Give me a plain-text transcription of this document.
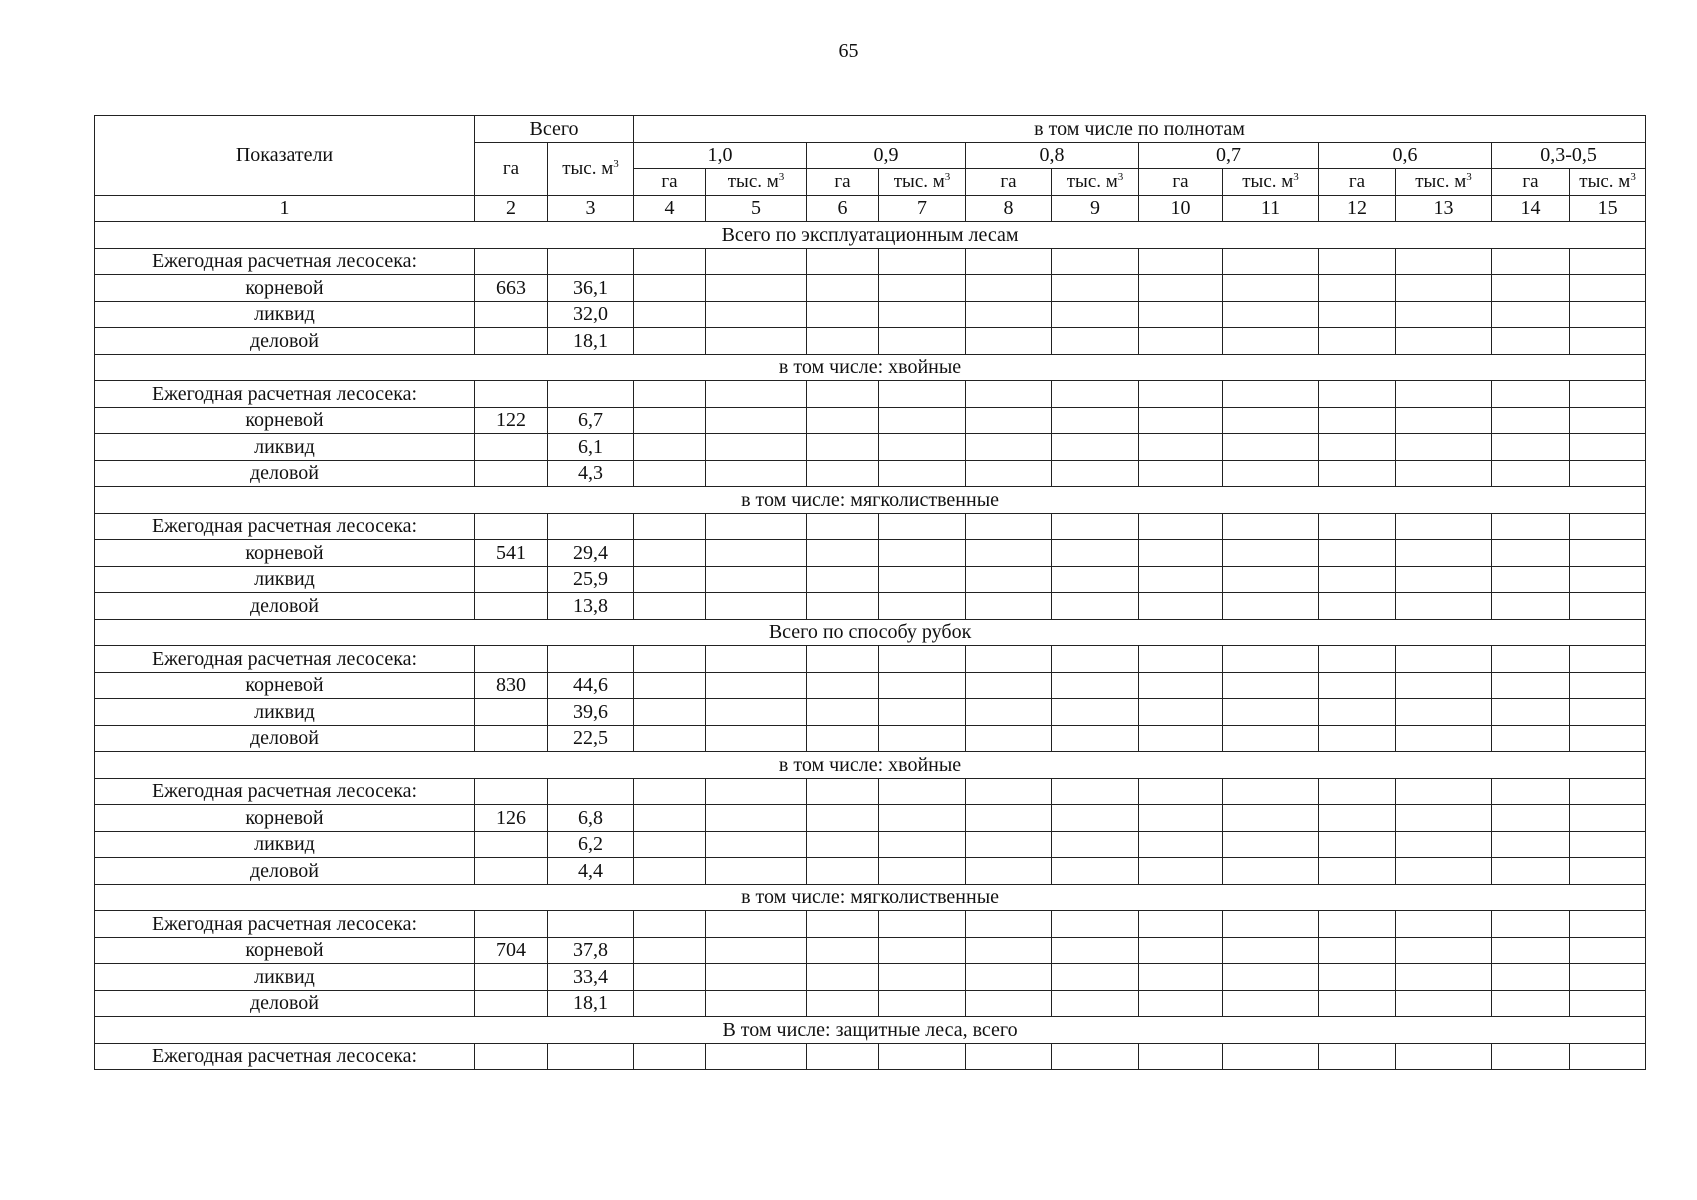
65
Показатели	Всего		в том числе по полнотам											
	га	тыс. $м^3$	1,0		0,9		0,8		0,7		0,6		0,3-0,5	
			га	тыс. $м^3$	га	тыс. $м^3$	га	тыс. $м^3$	га	тыс. $м^3$	га	тыс. $м^3$	га	тыс. $м^3$
1	2	3	4	5	6	7	8	9	10	11	12	13	14	15
Всего по эксплуатационным лесам														
Ежегодная расчетная лесосека:														
корневой	663	36,1												
ликвид		32,0												
деловой		18,1												
в том числе: хвойные														
Ежегодная расчетная лесосека:														
корневой	122	6,7												
ликвид		6,1												
деловой		4,3												
в том числе: мягколиственные														
Ежегодная расчетная лесосека:														
корневой	541	29,4												
ликвид		25,9												
деловой		13,8												
Всего по способу рубок														
Ежегодная расчетная лесосека:														
корневой	830	44,6												
ликвид		39,6												
деловой		22,5												
в том числе: хвойные														
Ежегодная расчетная лесосека:														
корневой	126	6,8												
ликвид		6,2												
деловой		4,4												
в том числе: мягколиственные														
Ежегодная расчетная лесосека:														
корневой	704	37,8												
ликвид		33,4												
деловой		18,1												
В том числе: защитные леса, всего														
Ежегодная расчетная лесосека:														
